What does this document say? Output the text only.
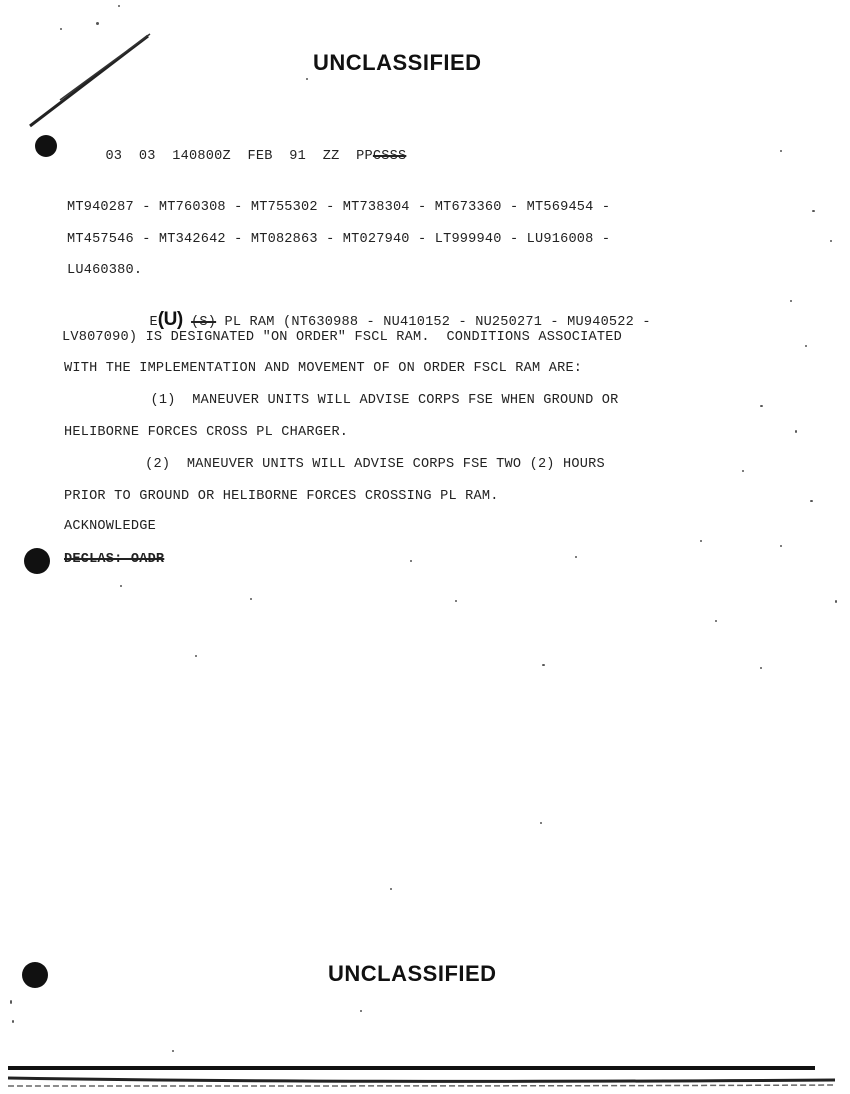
UNCLASSIFIED

03  03  140800Z  FEB  91  ZZ  PPCSSS

MT940287 - MT760308 - MT755302 - MT738304 - MT673360 - MT569454 -
MT457546 - MT342642 - MT082863 - MT027940 - LT999940 - LU916008 -
LU460380.

E(U) (S) PL RAM (NT630988 - NU410152 - NU250271 - MU940522 -

LV807090) IS DESIGNATED "ON ORDER" FSCL RAM.  CONDITIONS ASSOCIATED
WITH THE IMPLEMENTATION AND MOVEMENT OF ON ORDER FSCL RAM ARE:
(1)  MANEUVER UNITS WILL ADVISE CORPS FSE WHEN GROUND OR
HELIBORNE FORCES CROSS PL CHARGER.
(2)  MANEUVER UNITS WILL ADVISE CORPS FSE TWO (2) HOURS
PRIOR TO GROUND OR HELIBORNE FORCES CROSSING PL RAM.
ACKNOWLEDGE
DECLAS: OADR
UNCLASSIFIED
